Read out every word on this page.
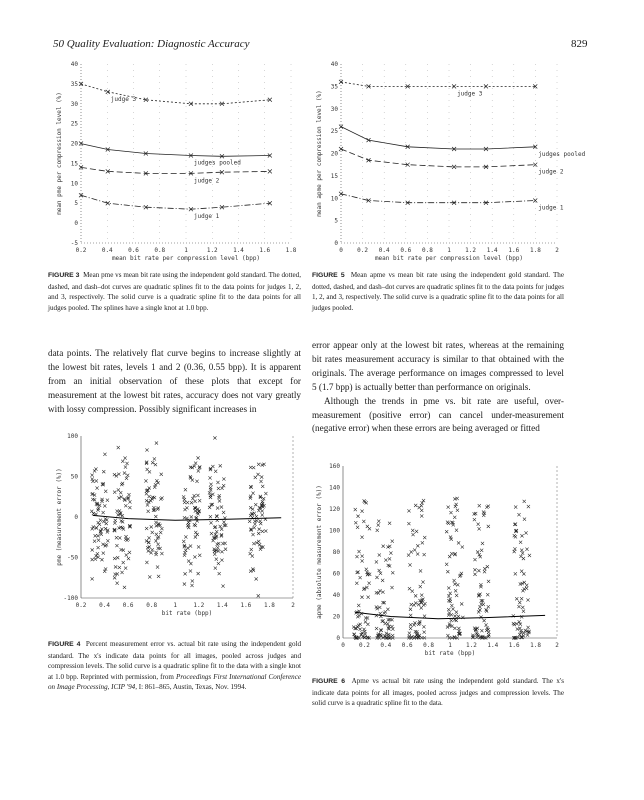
50 Quality Evaluation: Diagnostic Accuracy	829
40
35
30
25
20
15
10
5
0
-5
0.2	0.4	0.6	0.8	1	1.2	1.4	1.6	1.8
mean bit rate per compression level (bpp)
mean pme per compression level (%)	judge 3
judges pooled
judge 2
judge 1
FIGURE 3 Mean pme vs mean bit rate using the independent gold standard. The dotted, dashed, and dash–dot curves are quadratic splines fit to the data points for judges 1, 2, and 3, respectively. The solid curve is a quadratic spline fit to the data points for all judges pooled. The splines have a single knot at 1.0 bpp.
40
35
30
25
20
15
10
5
0
0 0.2 0.4 0.6 0.8 1 1.2 1.4 1.6 1.8 2
mean bit rate per compression level (bpp)
mean apme per compression level (%)	judge 3
judges pooled
judge 2
judge 1
FIGURE 5 Mean apme vs mean bit rate using the independent gold standard. The dotted, dashed, and dash–dot curves are quadratic splines fit to the data points for judges 1, 2, and 3, respectively. The solid curve is a quadratic spline fit to the data points for all judges pooled.
data points. The relatively flat curve begins to increase slightly at the lowest bit rates, levels 1 and 2 (0.36, 0.55 bpp). It is apparent from an initial observation of these plots that except for measurement at the lowest bit rates, accuracy does not vary greatly with lossy compression. Possibly significant increases in
error appear only at the lowest bit rates, whereas at the remaining bit rates measurement accuracy is similar to that obtained with the originals. The average performance on images compressed to level 5 (1.7 bpp) is actually better than performance on originals.
Although the trends in pme vs. bit rate are useful, over-measurement (positive error) can cancel under-measurement (negative error) when these errors are being averaged or fitted
100
50
0
-50
-100
0.2 0.4 0.6 0.8	1	1.2 1.4 1.6 1.8	2
bit rate (bpp)
pme (measurement error (%))
FIGURE 4 Percent measurement error vs. actual bit rate using the independent gold standard. The x's indicate data points for all images, pooled across judges and compression levels. The solid curve is a quadratic spline fit to the data with a single knot at 1.0 bpp. Reprinted with permission, from Proceedings First International Conference on Image Processing, ICIP '94, I: 861–865, Austin, Texas, Nov. 1994.
160
140
120
100
80
60
40
20
0
0 0.2 0.4 0.6 0.8 1 1.2 1.4 1.6 1.8 2
bit rate (bpp)
apme (absolute measurement error (%))
FIGURE 6 Apme vs actual bit rate using the independent gold standard. The x's indicate data points for all images, pooled across judges and compression levels. The solid curve is a quadratic spline fit to the data.
